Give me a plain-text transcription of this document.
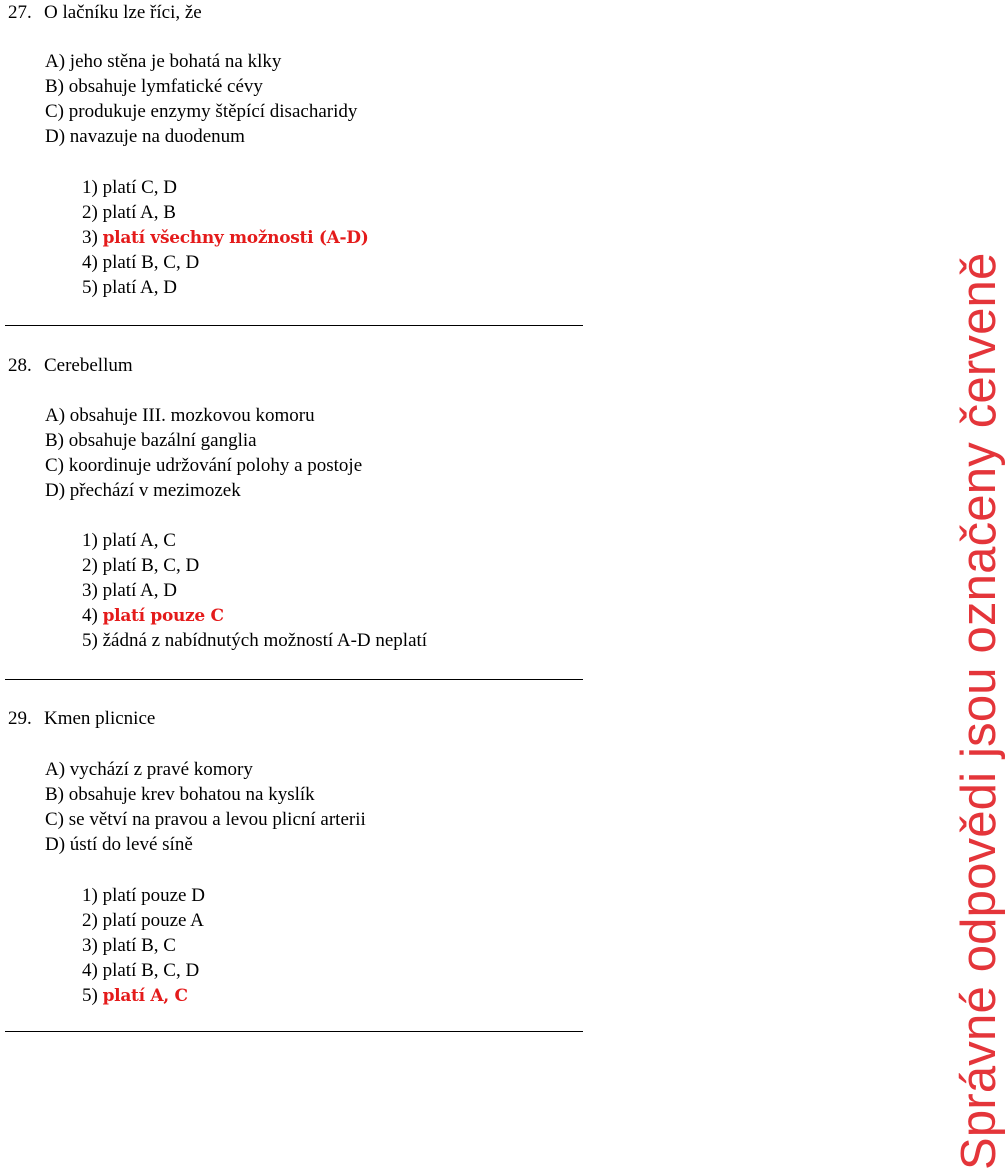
27. O lačníku lze říci, že
A) jeho stěna je bohatá na klky
B) obsahuje lymfatické cévy
C) produkuje enzymy štěpící disacharidy
D) navazuje na duodenum
1) platí C, D
2) platí A, B
3) platí všechny možnosti (A-D)
4) platí B, C, D
5) platí A, D
28. Cerebellum
A) obsahuje III. mozkovou komoru
B) obsahuje bazální ganglia
C) koordinuje udržování polohy a postoje
D) přechází v mezimozek
1) platí A, C
2) platí B, C, D
3) platí A, D
4) platí pouze C
5) žádná z nabídnutých možností A-D neplatí
29. Kmen plicnice
A) vychází z pravé komory
B) obsahuje krev bohatou na kyslík
C) se větví na pravou a levou plicní arterii
D) ústí do levé síně
1) platí pouze D
2) platí pouze A
3) platí B, C
4) platí B, C, D
5) platí A, C	Správné odpovědi jsou označeny červeně
